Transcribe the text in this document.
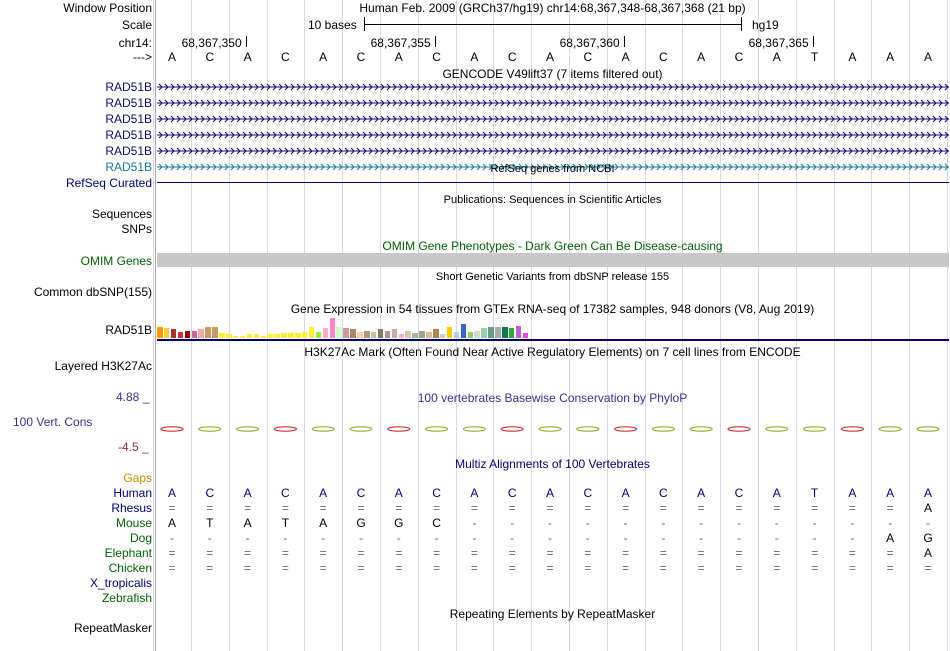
Window Position	Human Feb. 2009 (GRCh37/hg19) chr14:68,367,348-68,367,368 (21 bp)
Scale	10 bases	hg19
chr14: 68,367,350	68,367,355	68,367,360	68,367,365
---> A C A C A C A C A C A C A C A C A	T	A A A
GENCODE V49lift37 (7 items filtered out)
RAD51B
RAD51B
RAD51B
RAD51B
RAD51B
RAD51B	RefSeq genes from NCBI
RefSeq Curated
Publications: Sequences in Scientific Articles
Sequences
SNPs
OMIM Gene Phenotypes - Dark Green Can Be Disease-causing
OMIM Genes
Short Genetic Variants from dbSNP release 155
Common dbSNP(155)
Gene Expression in 54 tissues from GTEx RNA-seq of 17382 samples, 948 donors (V8, Aug 2019)
RAD51B
H3K27Ac Mark (Often Found Near Active Regulatory Elements) on 7 cell lines from ENCODE
Layered H3K27Ac
100 vertebrates Basewise Conservation by PhyloP
4.88 _
100 Vert. Cons
-4.5 _
Gaps
Multiz Alignments of 100 Vertebrates
Human A C A C A C A C A C A C A C A C A	T	A A A
Rhesus =	=	=	=	=	=	=	=	=	=	=	=	=	=	=	=	=	=	=	=	A
Mouse A	T	A	T	A G G C	-	-	-	-	-	-	-	-	-	-	-	-	-
Dog	-	-	-	-	-	-	-	-	-	-	-	-	-	-	-	-	-	-	-	A G
Elephant =	=	=	=	=	=	=	=	=	=	=	=	=	=	=	=	=	=	=	=	A
Chicken =	=	=	=	=	=	=	=	=	=	=	=	=	=	=	=	=	=	=	=	=
X_tropicalis
Zebrafish
Repeating Elements by RepeatMasker
RepeatMasker
